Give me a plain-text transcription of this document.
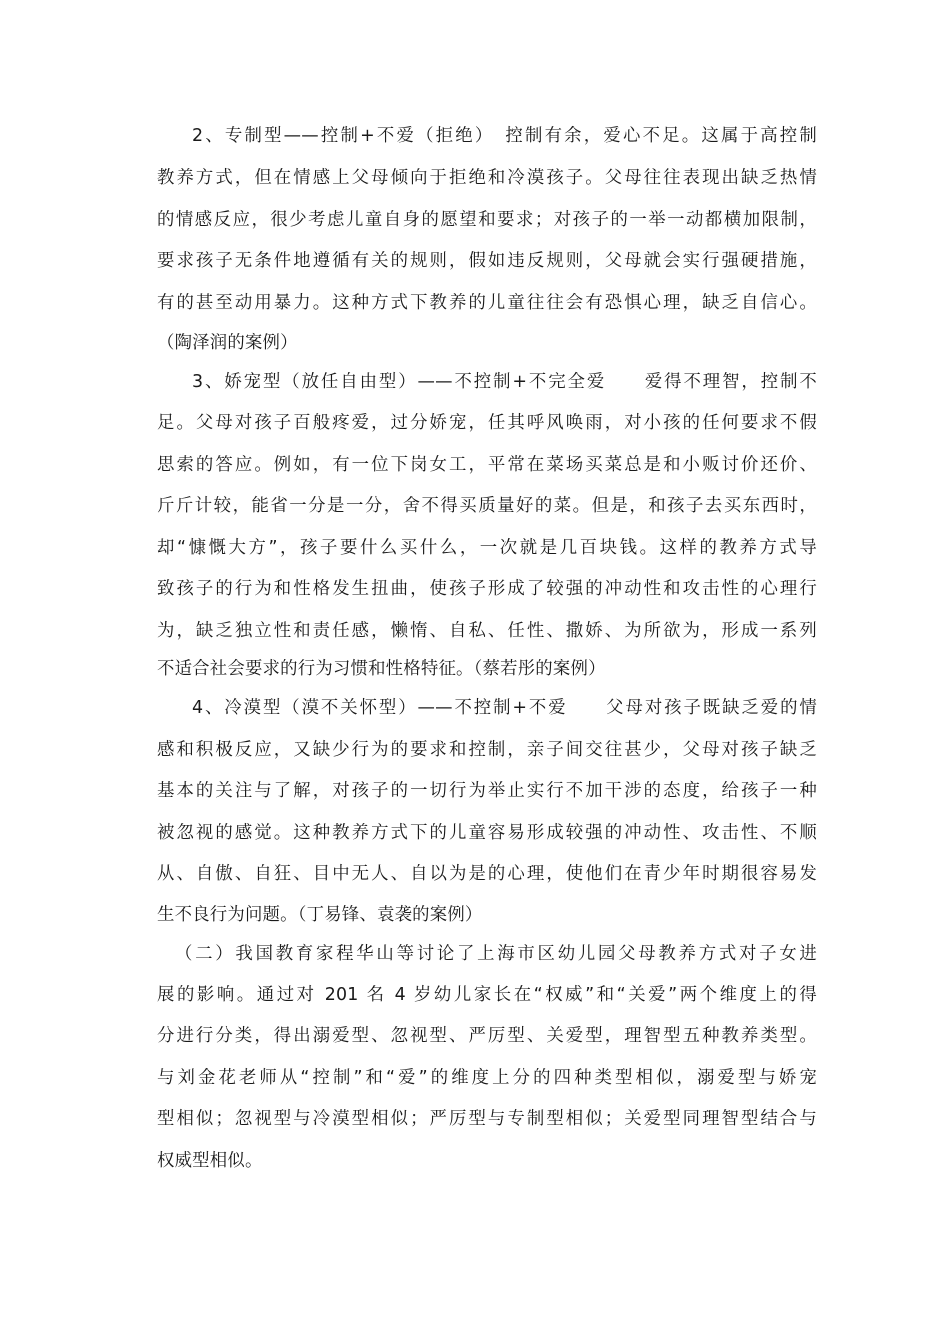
2、专制型——控制+不爱（拒绝）　控制有余，爱心不足。这属于高控制
教养方式，但在情感上父母倾向于拒绝和冷漠孩子。父母往往表现出缺乏热情
的情感反应，很少考虑儿童自身的愿望和要求；对孩子的一举一动都横加限制，
要求孩子无条件地遵循有关的规则，假如违反规则，父母就会实行强硬措施，
有的甚至动用暴力。这种方式下教养的儿童往往会有恐惧心理，缺乏自信心。
（陶泽润的案例）
3、娇宠型（放任自由型）——不控制+不完全爱　　爱得不理智，控制不
足。父母对孩子百般疼爱，过分娇宠，任其呼风唤雨，对小孩的任何要求不假
思索的答应。例如，有一位下岗女工，平常在菜场买菜总是和小贩讨价还价、
斤斤计较，能省一分是一分，舍不得买质量好的菜。但是，和孩子去买东西时，
却“慷慨大方”，孩子要什么买什么，一次就是几百块钱。这样的教养方式导
致孩子的行为和性格发生扭曲，使孩子形成了较强的冲动性和攻击性的心理行
为，缺乏独立性和责任感，懒惰、自私、任性、撒娇、为所欲为，形成一系列
不适合社会要求的行为习惯和性格特征。（蔡若彤的案例）
4、冷漠型（漠不关怀型）——不控制+不爱　　父母对孩子既缺乏爱的情
感和积极反应，又缺少行为的要求和控制，亲子间交往甚少，父母对孩子缺乏
基本的关注与了解，对孩子的一切行为举止实行不加干涉的态度，给孩子一种
被忽视的感觉。这种教养方式下的儿童容易形成较强的冲动性、攻击性、不顺
从、自傲、自狂、目中无人、自以为是的心理，使他们在青少年时期很容易发
生不良行为问题。（丁易锋、袁袭的案例）
（二）我国教育家程华山等讨论了上海市区幼儿园父母教养方式对子女进
展的影响。通过对 201 名 4 岁幼儿家长在“权威”和“关爱”两个维度上的得
分进行分类，得出溺爱型、忽视型、严厉型、关爱型，理智型五种教养类型。
与刘金花老师从“控制”和“爱”的维度上分的四种类型相似，溺爱型与娇宠
型相似；忽视型与冷漠型相似；严厉型与专制型相似；关爱型同理智型结合与
权威型相似。
